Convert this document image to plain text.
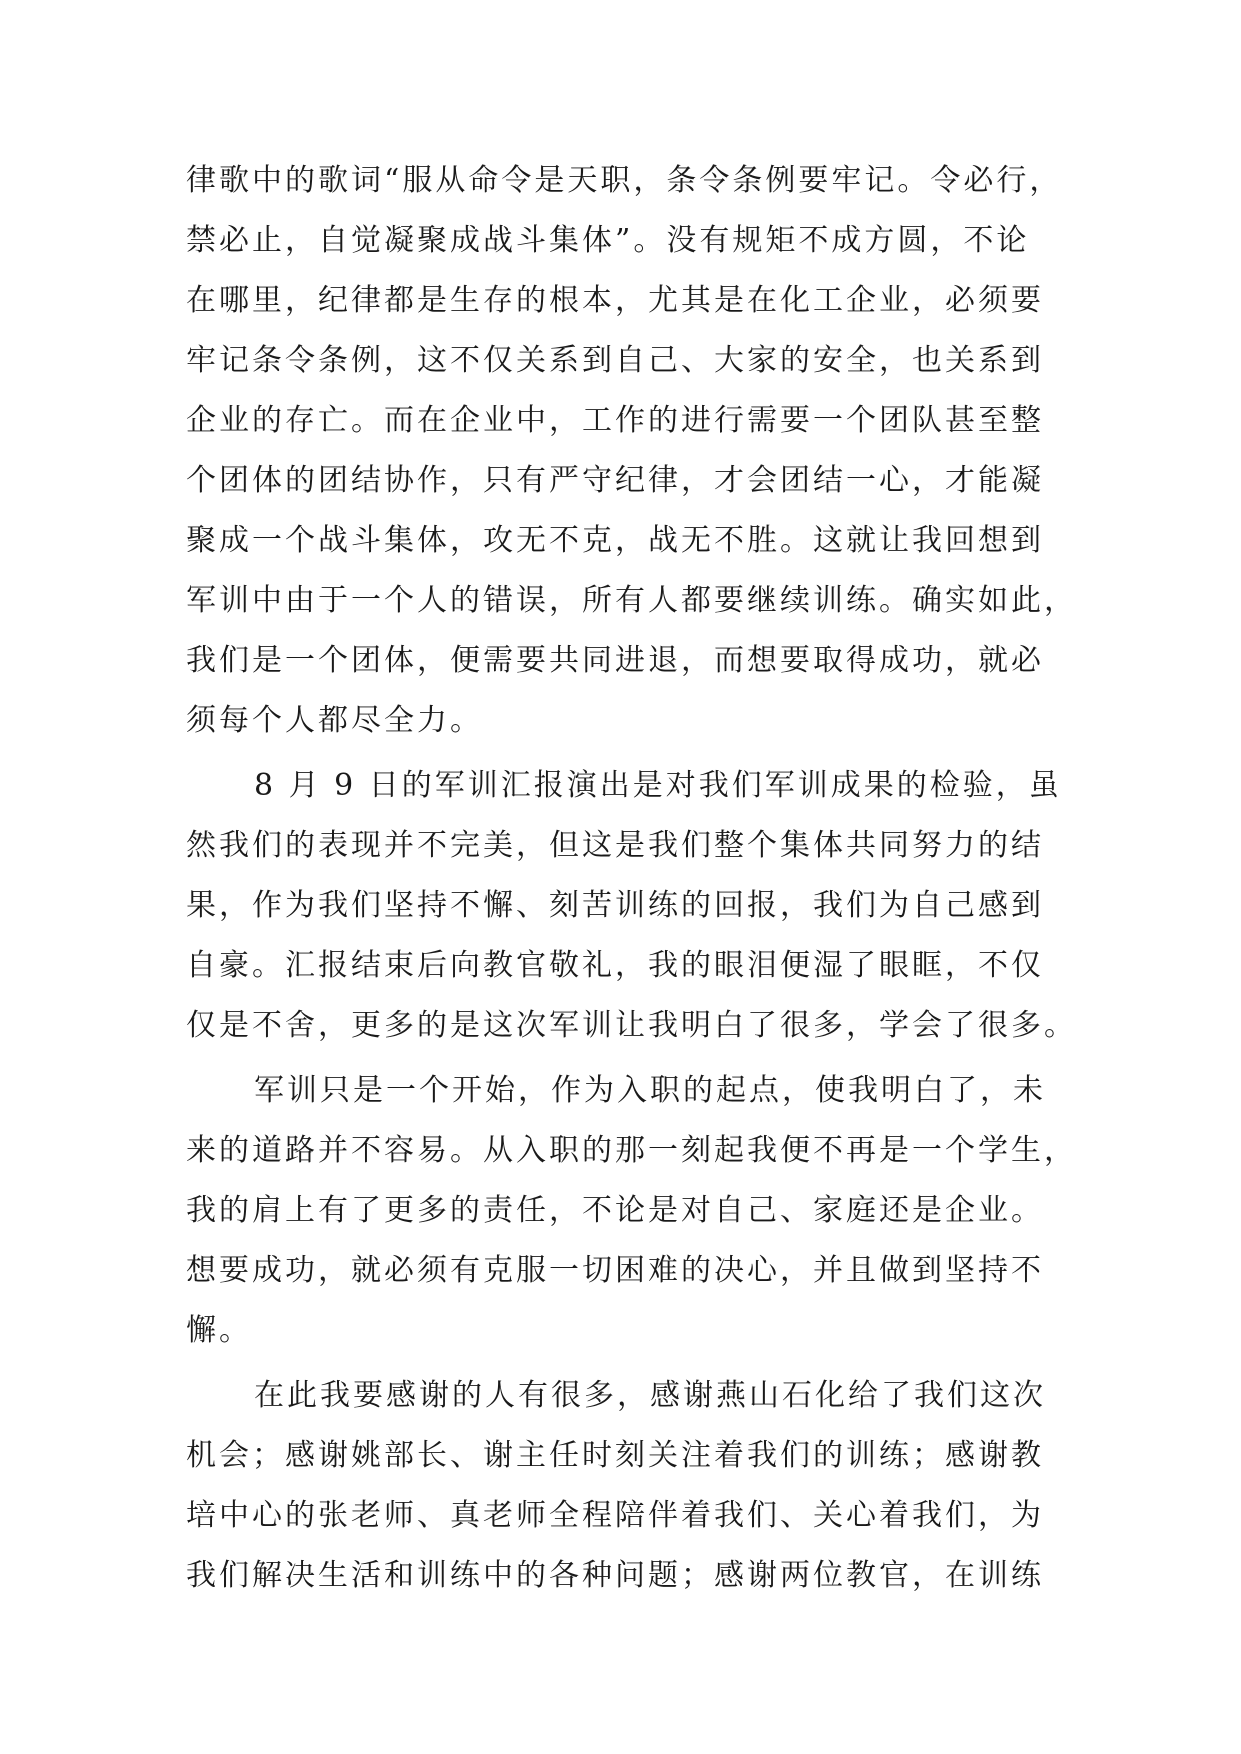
律歌中的歌词“服从命令是天职，条令条例要牢记。令必行，
禁必止，自觉凝聚成战斗集体”。没有规矩不成方圆，不论
在哪里，纪律都是生存的根本，尤其是在化工企业，必须要
牢记条令条例，这不仅关系到自己、大家的安全，也关系到
企业的存亡。而在企业中，工作的进行需要一个团队甚至整
个团体的团结协作，只有严守纪律，才会团结一心，才能凝
聚成一个战斗集体，攻无不克，战无不胜。这就让我回想到
军训中由于一个人的错误，所有人都要继续训练。确实如此，
我们是一个团体，便需要共同进退，而想要取得成功，就必
须每个人都尽全力。
8 月 9 日的军训汇报演出是对我们军训成果的检验，虽
然我们的表现并不完美，但这是我们整个集体共同努力的结
果，作为我们坚持不懈、刻苦训练的回报，我们为自己感到
自豪。汇报结束后向教官敬礼，我的眼泪便湿了眼眶，不仅
仅是不舍，更多的是这次军训让我明白了很多，学会了很多。
军训只是一个开始，作为入职的起点，使我明白了，未
来的道路并不容易。从入职的那一刻起我便不再是一个学生，
我的肩上有了更多的责任，不论是对自己、家庭还是企业。
想要成功，就必须有克服一切困难的决心，并且做到坚持不
懈。
在此我要感谢的人有很多，感谢燕山石化给了我们这次
机会；感谢姚部长、谢主任时刻关注着我们的训练；感谢教
培中心的张老师、真老师全程陪伴着我们、关心着我们，为
我们解决生活和训练中的各种问题；感谢两位教官，在训练
